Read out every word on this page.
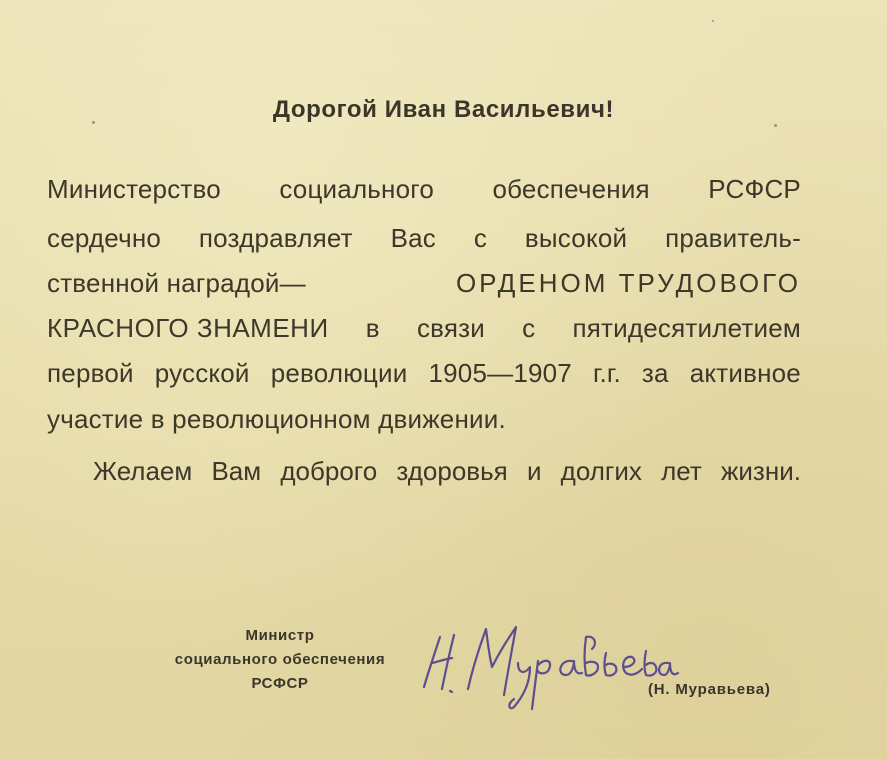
Дорогой Иван Васильевич!
Министерство социального обеспечения РСФСР
сердечно поздравляет Вас с высокой правитель-
ственной наградой—	ОРДЕНОМ ТРУДОВОГО
КРАСНОГО ЗНАМЕНИ в связи с пятидесятилетием
первой русской революции 1905—1907 г.г. за активное
участие в революционном движении.
Желаем Вам доброго здоровья и долгих лет жизни.
Министр
социального обеспечения
РСФСР
Н. Муравьева
(Н. Муравьева)
